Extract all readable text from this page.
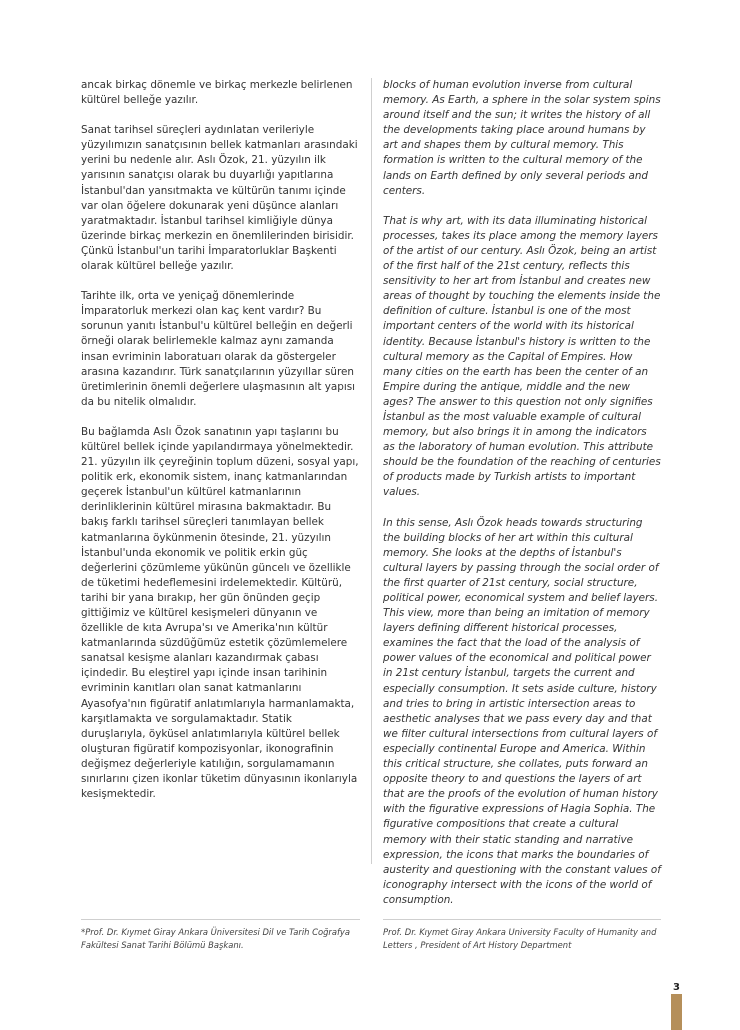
ancak birkaç dönemle ve birkaç merkezle belirlenen kültürel belleğe yazılır.

Sanat tarihsel süreçleri aydınlatan verileriyle yüzyılımızın sanatçısının bellek katmanları arasındaki yerini bu nedenle alır. Aslı Özok, 21. yüzyılın ilk yarısının sanatçısı olarak bu duyarlığı yapıtlarına İstanbul'dan yansıtmakta ve kültürün tanımı içinde var olan öğelere dokunarak yeni düşünce alanları yaratmaktadır. İstanbul tarihsel kimliğiyle dünya üzerinde birkaç merkezin en önemlilerinden birisidir. Çünkü İstanbul'un tarihi İmparatorluklar Başkenti olarak kültürel belleğe yazılır.

Tarihte ilk, orta ve yeniçağ dönemlerinde İmparatorluk merkezi olan kaç kent vardır? Bu sorunun yanıtı İstanbul'u kültürel belleğin en değerli örneği olarak belirlemekle kalmaz aynı zamanda insan evriminin laboratuarı olarak da göstergeler arasına kazandırır. Türk sanatçılarının yüzyıllar süren üretimlerinin önemli değerlere ulaşmasının alt yapısı da bu nitelik olmalıdır.

Bu bağlamda Aslı Özok sanatının yapı taşlarını bu kültürel bellek içinde yapılandırmaya yönelmektedir. 21. yüzyılın ilk çeyreğinin toplum düzeni, sosyal yapı, politik erk, ekonomik sistem, inanç katmanlarından geçerek İstanbul'un kültürel katmanlarının derinliklerinin kültürel mirasına bakmaktadır. Bu bakış farklı tarihsel süreçleri tanımlayan bellek katmanlarına öykünmenin ötesinde, 21. yüzyılın İstanbul'unda ekonomik ve politik erkin güç değerlerini çözümleme yükünün güncelı ve özellikle de tüketimi hedeflemesini irdelemektedir. Kültürü, tarihi bir yana bırakıp, her gün önünden geçip gittiğimiz ve kültürel kesişmeleri dünyanın ve özellikle de kıta Avrupa'sı ve Amerika'nın kültür katmanlarında süzdüğümüz estetik çözümlemelere sanatsal kesişme alanları kazandırmak çabası içindedir. Bu eleştirel yapı içinde insan tarihinin evriminin kanıtları olan sanat katmanlarını Ayasofya'nın figüratif anlatımlarıyla harmanlamakta, karşıtlamakta ve sorgulamaktadır. Statik duruşlarıyla, öyküsel anlatımlarıyla kültürel bellek oluşturan figüratif kompozisyonlar, ikonografinin değişmez değerleriyle katılığın, sorgulamamanın sınırlarını çizen ikonlar tüketim dünyasının ikonlarıyla kesişmektedir.

blocks of human evolution inverse from cultural memory. As Earth, a sphere in the solar system spins around itself and the sun; it writes the history of all the developments taking place around humans by art and shapes them by cultural memory. This formation is written to the cultural memory of the lands on Earth defined by only several periods and centers.

That is why art, with its data illuminating historical processes, takes its place among the memory layers of the artist of our century. Aslı Özok, being an artist of the first half of the 21st century, reflects this sensitivity to her art from İstanbul and creates new areas of thought by touching the elements inside the definition of culture. İstanbul is one of the most important centers of the world with its historical identity. Because İstanbul's history is written to the cultural memory as the Capital of Empires. How many cities on the earth has been the center of an Empire during the antique, middle and the new ages? The answer to this question not only signifies İstanbul as the most valuable example of cultural memory, but also brings it in among the indicators as the laboratory of human evolution. This attribute should be the foundation of the reaching of centuries of products made by Turkish artists to important values.

In this sense, Aslı Özok heads towards structuring the building blocks of her art within this cultural memory. She looks at the depths of İstanbul's cultural layers by passing through the social order of the first quarter of 21st century, social structure, political power, economical system and belief layers. This view, more than being an imitation of memory layers defining different historical processes, examines the fact that the load of the analysis of power values of the economical and political power in 21st century İstanbul, targets the current and especially consumption. It sets aside culture, history and tries to bring in artistic intersection areas to aesthetic analyses that we pass every day and that we filter cultural intersections from cultural layers of especially continental Europe and America. Within this critical structure, she collates, puts forward an opposite theory to and questions the layers of art that are the proofs of the evolution of human history with the figurative expressions of Hagia Sophia. The figurative compositions that create a cultural memory with their static standing and narrative expression, the icons that marks the boundaries of austerity and questioning with the constant values of iconography intersect with the icons of the world of consumption.

*Prof. Dr. Kıymet Giray Ankara Üniversitesi Dil ve Tarih Coğrafya Fakültesi Sanat Tarihi Bölümü Başkanı.
Prof. Dr. Kıymet Giray Ankara University Faculty of Humanity and Letters , President of Art History Department
3
